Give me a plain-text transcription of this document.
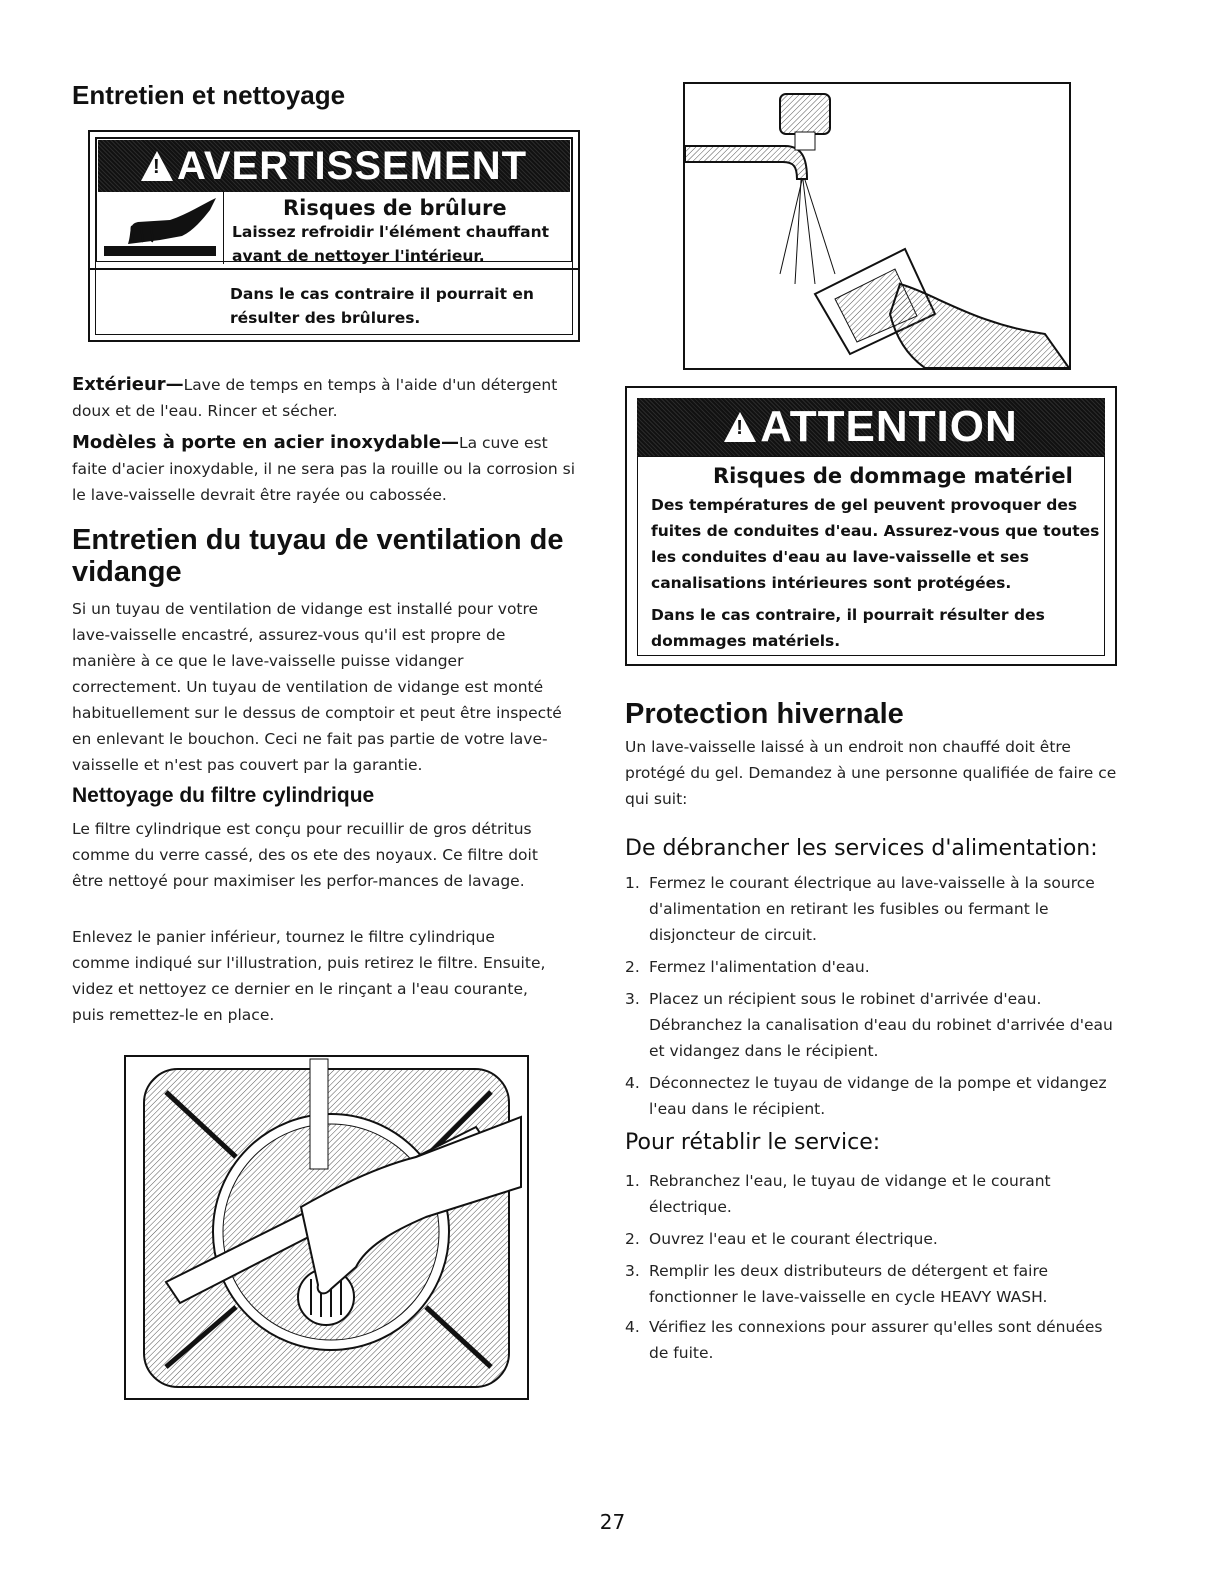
Entretien et nettoyage
!
AVERTISSEMENT

Risques de brûlure

Laissez refroidir l'élément chauffant avant de nettoyer l'intérieur.

Dans le cas contraire il pourrait en résulter des brûlures.

Extérieur—Lave de temps en temps à l'aide d'un détergent doux et de l'eau. Rincer et sécher.

Modèles à porte en acier inoxydable—La cuve est faite d'acier inoxydable, il ne sera pas la rouille ou la corrosion si le lave-vaisselle devrait être rayée ou cabossée.

Entretien du tuyau de ventilation de vidange

Si un tuyau de ventilation de vidange est installé pour votre lave-vaisselle encastré, assurez-vous qu'il est propre de manière à ce que le lave-vaisselle puisse vidanger correctement. Un tuyau de ventilation de vidange est monté habituellement sur le dessus de comptoir et peut être inspecté en enlevant le bouchon. Ceci ne fait pas partie de votre lave-vaisselle et n'est pas couvert par la garantie.

Nettoyage du filtre cylindrique

Le filtre cylindrique est conçu pour recuillir de gros détritus comme du verre cassé, des os ete des noyaux. Ce filtre doit être nettoyé pour maximiser les perfor-mances de lavage.

Enlevez le panier inférieur, tournez le filtre cylindrique comme indiqué sur l'illustration, puis retirez le filtre. Ensuite, videz et nettoyez ce dernier en le rinçant a l'eau courante, puis remettez-le en place.

!
ATTENTION

Risques de dommage matériel

Des températures de gel peuvent provoquer des fuites de conduites d'eau. Assurez-vous que toutes les conduites d'eau au lave-vaisselle et ses canalisations intérieures sont protégées.

Dans le cas contraire, il pourrait résulter des dommages matériels.

Protection hivernale

Un lave-vaisselle laissé à un endroit non chauffé doit être protégé du gel. Demandez à une personne qualifiée de faire ce qui suit:

De débrancher les services d'alimentation:
1. Fermez le courant électrique au lave-vaisselle à la source d'alimentation en retirant les fusibles ou fermant le disjoncteur de circuit.
2. Fermez l'alimentation d'eau.
3. Placez un récipient sous le robinet d'arrivée d'eau. Débranchez la canalisation d'eau du robinet d'arrivée d'eau et vidangez dans le récipient.
4. Déconnectez le tuyau de vidange de la pompe et vidangez l'eau dans le récipient.
Pour rétablir le service:
1. Rebranchez l'eau, le tuyau de vidange et le courant électrique.
2. Ouvrez l'eau et le courant électrique.
3. Remplir les deux distributeurs de détergent et faire fonctionner le lave-vaisselle en cycle HEAVY WASH.
4. Vérifiez les connexions pour assurer qu'elles sont dénuées de fuite.
27
